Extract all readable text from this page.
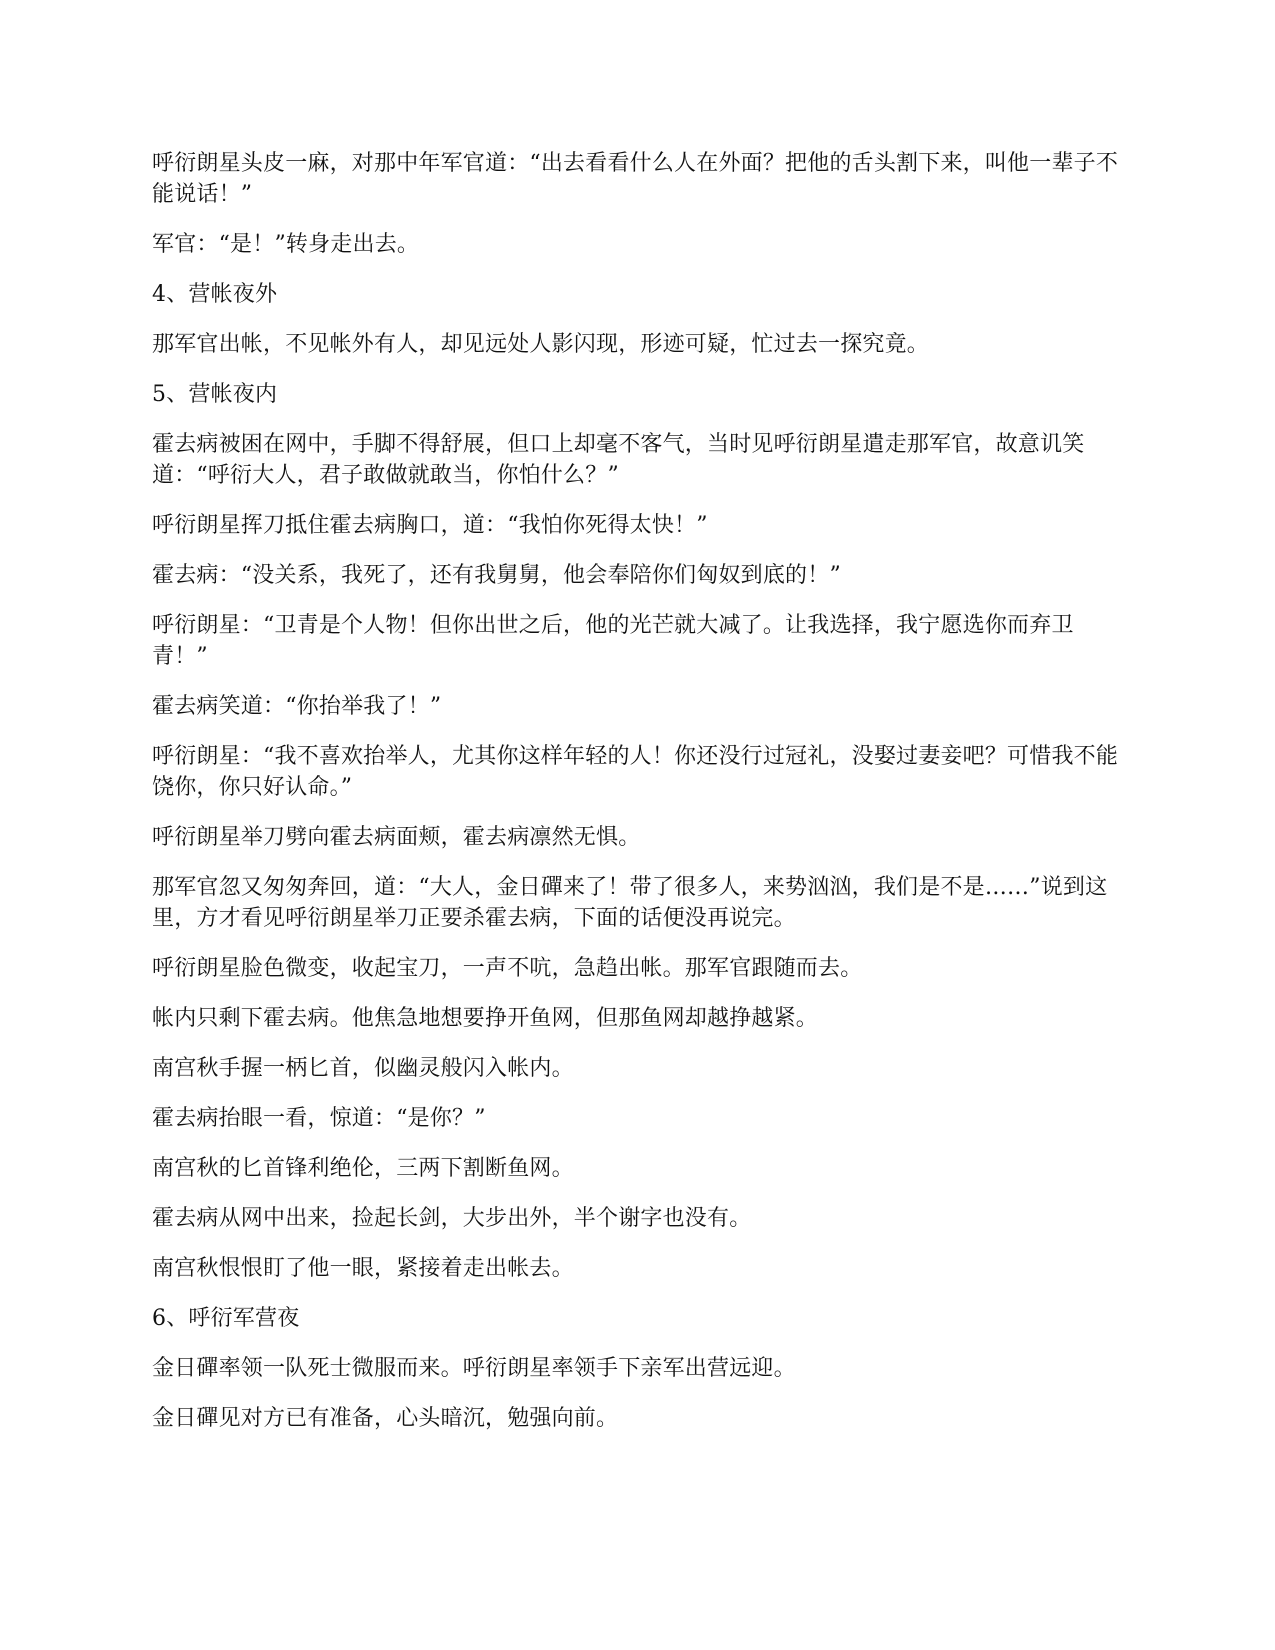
呼衍朗星头皮一麻，对那中年军官道：“出去看看什么人在外面？把他的舌头割下来，叫他一辈子不能说话！”

军官：“是！”转身走出去。

4、营帐夜外

那军官出帐，不见帐外有人，却见远处人影闪现，形迹可疑，忙过去一探究竟。

5、营帐夜内

霍去病被困在网中，手脚不得舒展，但口上却毫不客气，当时见呼衍朗星遣走那军官，故意讥笑道：“呼衍大人，君子敢做就敢当，你怕什么？”

呼衍朗星挥刀抵住霍去病胸口，道：“我怕你死得太快！”

霍去病：“没关系，我死了，还有我舅舅，他会奉陪你们匈奴到底的！”

呼衍朗星：“卫青是个人物！但你出世之后，他的光芒就大减了。让我选择，我宁愿选你而弃卫青！”

霍去病笑道：“你抬举我了！”

呼衍朗星：“我不喜欢抬举人，尤其你这样年轻的人！你还没行过冠礼，没娶过妻妾吧？可惜我不能饶你，你只好认命。”

呼衍朗星举刀劈向霍去病面颊，霍去病凛然无惧。

那军官忽又匆匆奔回，道：“大人，金日磾来了！带了很多人，来势汹汹，我们是不是……”说到这里，方才看见呼衍朗星举刀正要杀霍去病，下面的话便没再说完。

呼衍朗星脸色微变，收起宝刀，一声不吭，急趋出帐。那军官跟随而去。

帐内只剩下霍去病。他焦急地想要挣开鱼网，但那鱼网却越挣越紧。

南宫秋手握一柄匕首，似幽灵般闪入帐内。

霍去病抬眼一看，惊道：“是你？”

南宫秋的匕首锋利绝伦，三两下割断鱼网。

霍去病从网中出来，捡起长剑，大步出外，半个谢字也没有。

南宫秋恨恨盯了他一眼，紧接着走出帐去。

6、呼衍军营夜

金日磾率领一队死士微服而来。呼衍朗星率领手下亲军出营远迎。

金日磾见对方已有准备，心头暗沉，勉强向前。
